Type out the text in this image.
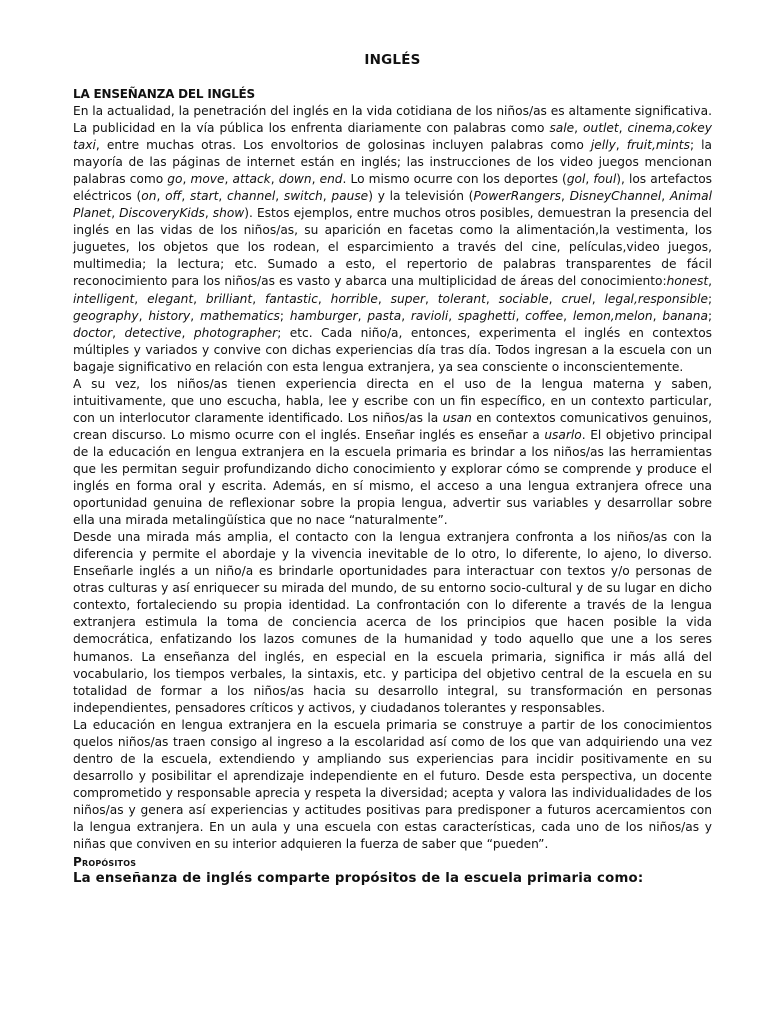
INGLÉS
LA ENSEÑANZA DEL INGLÉS

En la actualidad, la penetración del inglés en la vida cotidiana de los niños/as es altamente significativa.

La publicidad en la vía pública los enfrenta diariamente con palabras como sale, outlet, cinema,cokey taxi, entre muchas otras. Los envoltorios de golosinas incluyen palabras como jelly, fruit,mints; la mayoría de las páginas de internet están en inglés; las instrucciones de los video juegos mencionan palabras como go, move, attack, down, end. Lo mismo ocurre con los deportes (gol, foul), los artefactos eléctricos (on, off, start, channel, switch, pause) y la televisión (PowerRangers, DisneyChannel, Animal Planet, DiscoveryKids, show). Estos ejemplos, entre muchos otros posibles, demuestran la presencia del inglés en las vidas de los niños/as, su aparición en facetas como la alimentación,la vestimenta, los juguetes, los objetos que los rodean, el esparcimiento a través del cine, películas,video juegos, multimedia; la lectura; etc. Sumado a esto, el repertorio de palabras transparentes de fácil reconocimiento para los niños/as es vasto y abarca una multiplicidad de áreas del conocimiento:honest, intelligent, elegant, brilliant, fantastic, horrible, super, tolerant, sociable, cruel, legal,responsible; geography, history, mathematics; hamburger, pasta, ravioli, spaghetti, coffee, lemon,melon, banana; doctor, detective, photographer; etc. Cada niño/a, entonces, experimenta el inglés en contextos múltiples y variados y convive con dichas experiencias día tras día. Todos ingresan a la escuela con un bagaje significativo en relación con esta lengua extranjera, ya sea consciente o inconscientemente.

A su vez, los niños/as tienen experiencia directa en el uso de la lengua materna y saben, intuitivamente, que uno escucha, habla, lee y escribe con un fin específico, en un contexto particular, con un interlocutor claramente identificado. Los niños/as la usan en contextos comunicativos genuinos, crean discurso. Lo mismo ocurre con el inglés. Enseñar inglés es enseñar a usarlo. El objetivo principal de la educación en lengua extranjera en la escuela primaria es brindar a los niños/as las herramientas que les permitan seguir profundizando dicho conocimiento y explorar cómo se comprende y produce el inglés en forma oral y escrita. Además, en sí mismo, el acceso a una lengua extranjera ofrece una oportunidad genuina de reflexionar sobre la propia lengua, advertir sus variables y desarrollar sobre ella una mirada metalingüística que no nace “naturalmente”.

Desde una mirada más amplia, el contacto con la lengua extranjera confronta a los niños/as con la diferencia y permite el abordaje y la vivencia inevitable de lo otro, lo diferente, lo ajeno, lo diverso. Enseñarle inglés a un niño/a es brindarle oportunidades para interactuar con textos y/o personas de otras culturas y así enriquecer su mirada del mundo, de su entorno socio-cultural y de su lugar en dicho contexto, fortaleciendo su propia identidad. La confrontación con lo diferente a través de la lengua extranjera estimula la toma de conciencia acerca de los principios que hacen posible la vida democrática, enfatizando los lazos comunes de la humanidad y todo aquello que une a los seres humanos. La enseñanza del inglés, en especial en la escuela primaria, significa ir más allá del vocabulario, los tiempos verbales, la sintaxis, etc. y participa del objetivo central de la escuela en su totalidad de formar a los niños/as hacia su desarrollo integral, su transformación en personas independientes, pensadores críticos y activos, y ciudadanos tolerantes y responsables.

La educación en lengua extranjera en la escuela primaria se construye a partir de los conocimientos quelos niños/as traen consigo al ingreso a la escolaridad así como de los que van adquiriendo una vez dentro de la escuela, extendiendo y ampliando sus experiencias para incidir positivamente en su desarrollo y posibilitar el aprendizaje independiente en el futuro. Desde esta perspectiva, un docente comprometido y responsable aprecia y respeta la diversidad; acepta y valora las individualidades de los niños/as y genera así experiencias y actitudes positivas para predisponer a futuros acercamientos con la lengua extranjera. En un aula y una escuela con estas características, cada uno de los niños/as y niñas que conviven en su interior adquieren la fuerza de saber que “pueden”.

Propósitos
La enseñanza de inglés comparte propósitos de la escuela primaria como:
